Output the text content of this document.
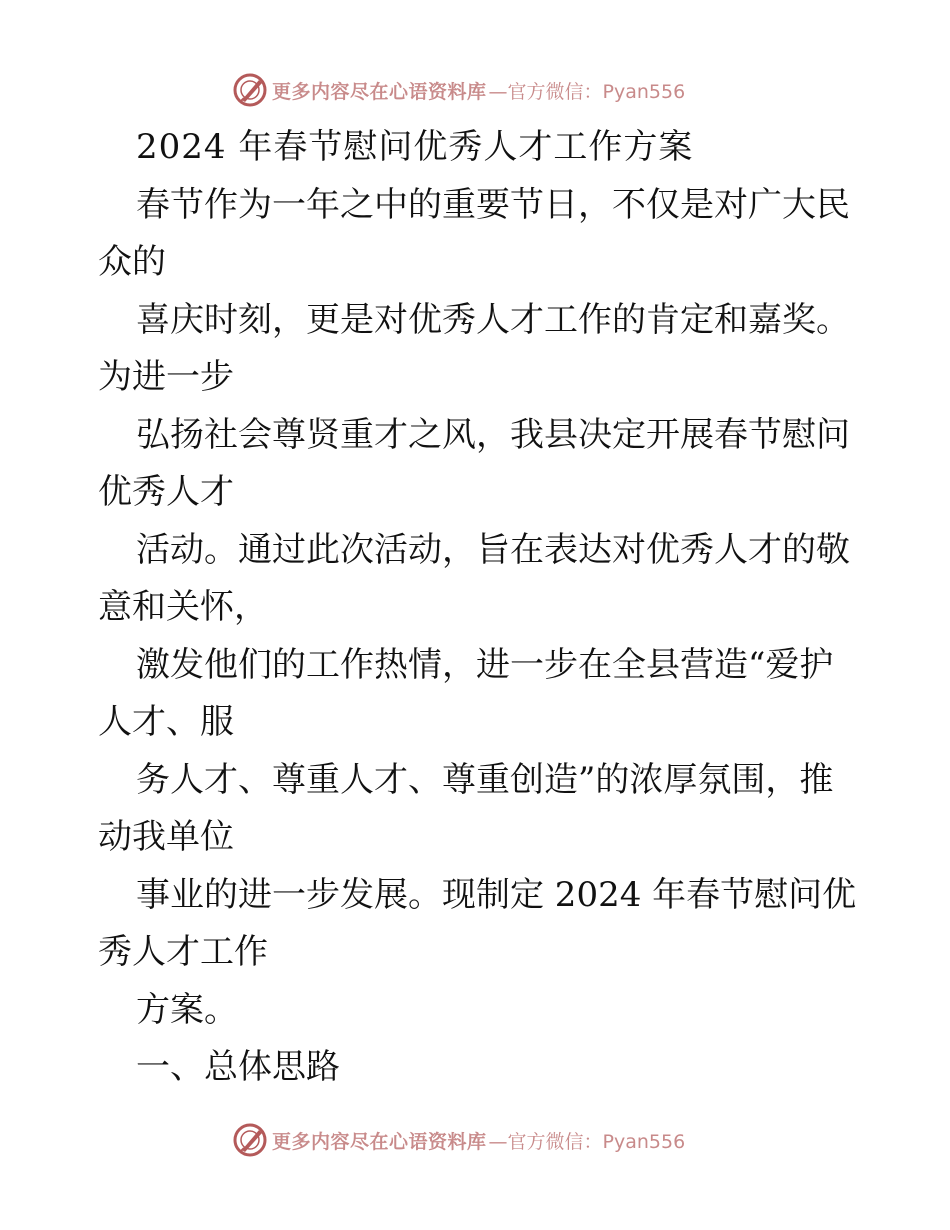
更多内容尽在心语资料库 —官方微信：Pyan556
2024 年春节慰问优秀人才工作方案
春节作为一年之中的重要节日，不仅是对广大民
众的
喜庆时刻，更是对优秀人才工作的肯定和嘉奖。
为进一步
弘扬社会尊贤重才之风，我县决定开展春节慰问
优秀人才
活动。通过此次活动，旨在表达对优秀人才的敬
意和关怀，
激发他们的工作热情，进一步在全县营造“爱护
人才、服
务人才、尊重人才、尊重创造”的浓厚氛围，推
动我单位
事业的进一步发展。现制定 2024 年春节慰问优
秀人才工作
方案。
一、总体思路
更多内容尽在心语资料库 —官方微信：Pyan556
